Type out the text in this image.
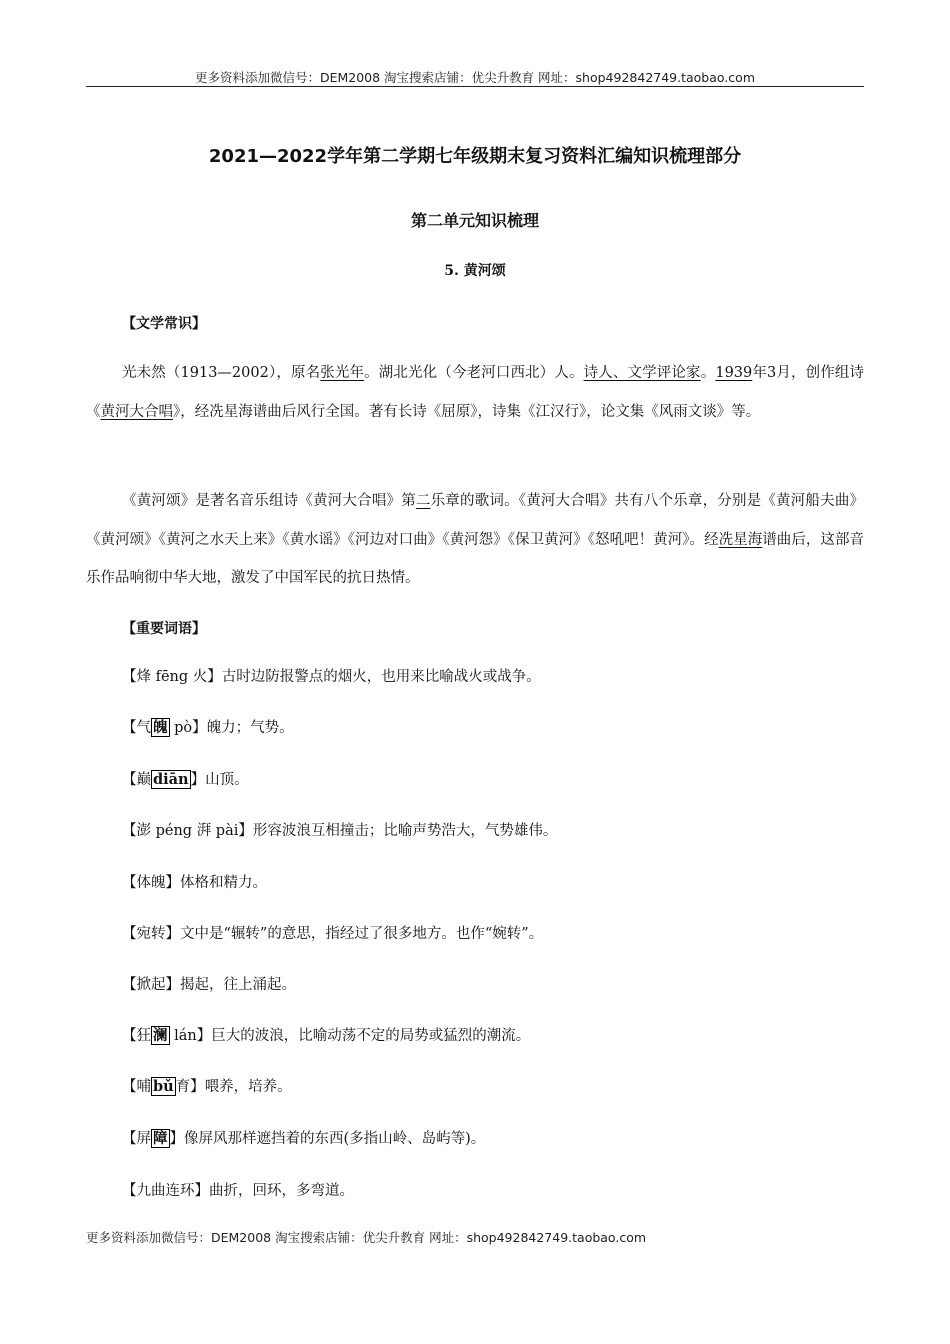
更多资料添加微信号：DEM2008 淘宝搜索店铺：优尖升教育 网址：shop492842749.taobao.com
2021—2022学年第二学期七年级期末复习资料汇编知识梳理部分
第二单元知识梳理
5. 黄河颂
【文学常识】
光未然（1913—2002），原名张光年。湖北光化（今老河口西北）人。诗人、文学评论家。1939年3月，创作组诗《黄河大合唱》，经冼星海谱曲后风行全国。著有长诗《屈原》，诗集《江汉行》，论文集《风雨文谈》等。
《黄河颂》是著名音乐组诗《黄河大合唱》第二乐章的歌词。《黄河大合唱》共有八个乐章，分别是《黄河船夫曲》《黄河颂》《黄河之水天上来》《黄水谣》《河边对口曲》《黄河怨》《保卫黄河》《怒吼吧！黄河》。经冼星海谱曲后，这部音乐作品响彻中华大地，激发了中国军民的抗日热情。
【重要词语】
【烽 fēng 火】古时边防报警点的烟火，也用来比喻战火或战争。
【气 魄 pò】魄力；气势。
【巅 diān 】山顶。
【澎 péng 湃 pài】形容波浪互相撞击；比喻声势浩大，气势雄伟。
【体魄】体格和精力。
【宛转】文中是“辗转”的意思，指经过了很多地方。也作“婉转”。
【掀起】揭起，往上涌起。
【狂 澜 lán】巨大的波浪，比喻动荡不定的局势或猛烈的潮流。
【哺 bǔ 育】喂养，培养。
【屏 障 】像屏风那样遮挡着的东西(多指山岭、岛屿等)。
【九曲连环】曲折，回环，多弯道。
更多资料添加微信号：DEM2008 淘宝搜索店铺：优尖升教育 网址：shop492842749.taobao.com
